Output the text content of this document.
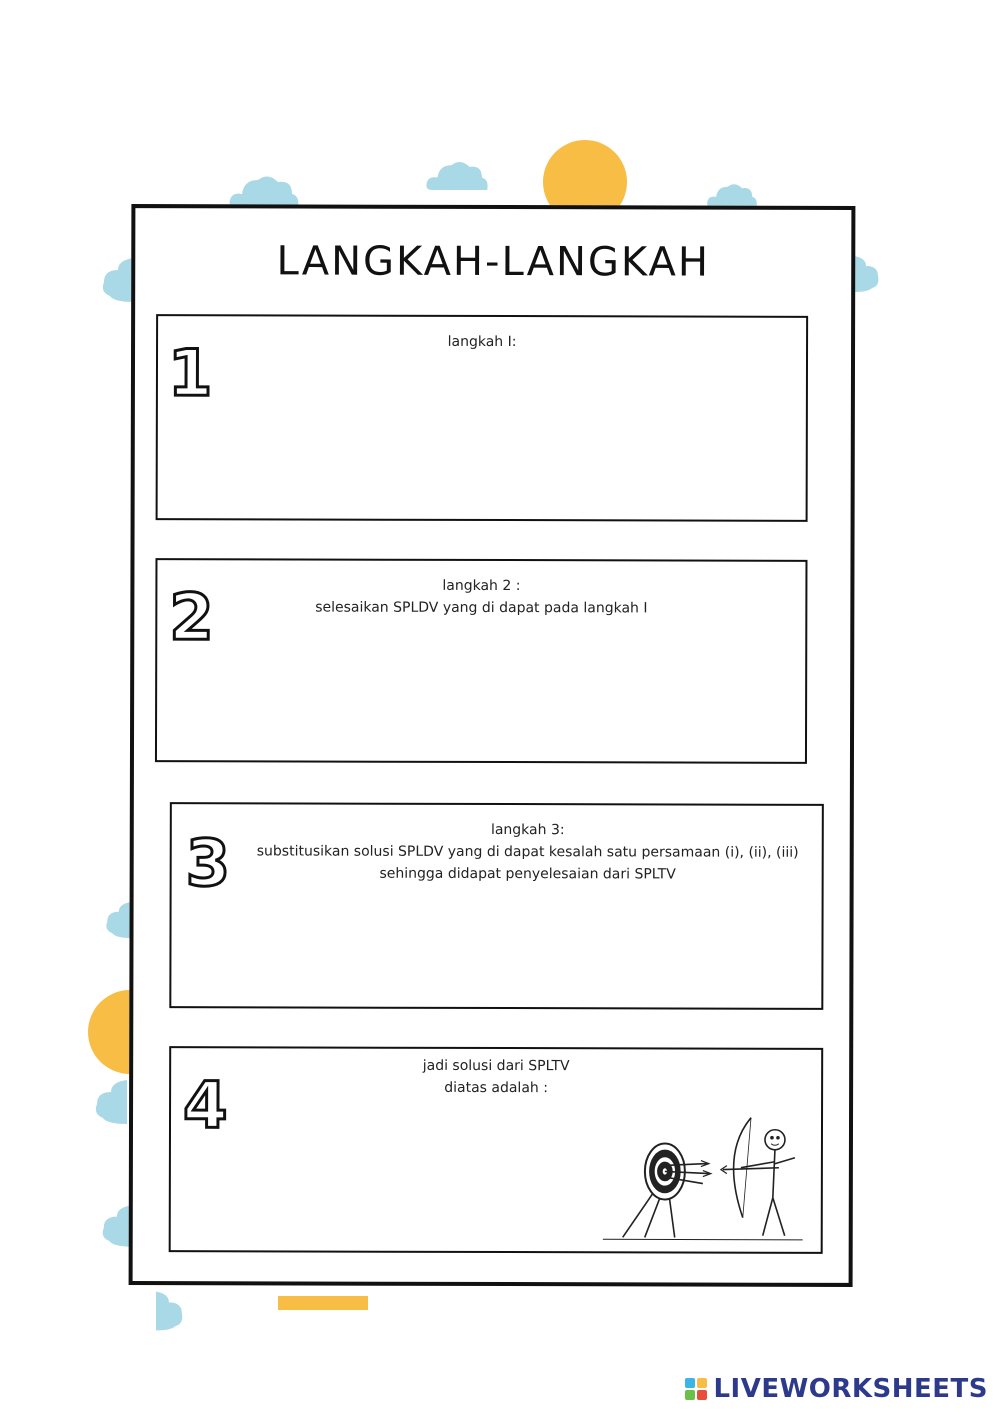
LANGKAH-LANGKAH
1	langkah I:
2	langkah 2 :
selesaikan SPLDV yang di dapat pada langkah I
3	langkah 3:
substitusikan solusi SPLDV yang di dapat kesalah satu persamaan (i), (ii), (iii)
sehingga didapat penyelesaian dari SPLTV
4
jadi solusi dari SPLTV
diatas adalah :
LIVEWORKSHEETS
